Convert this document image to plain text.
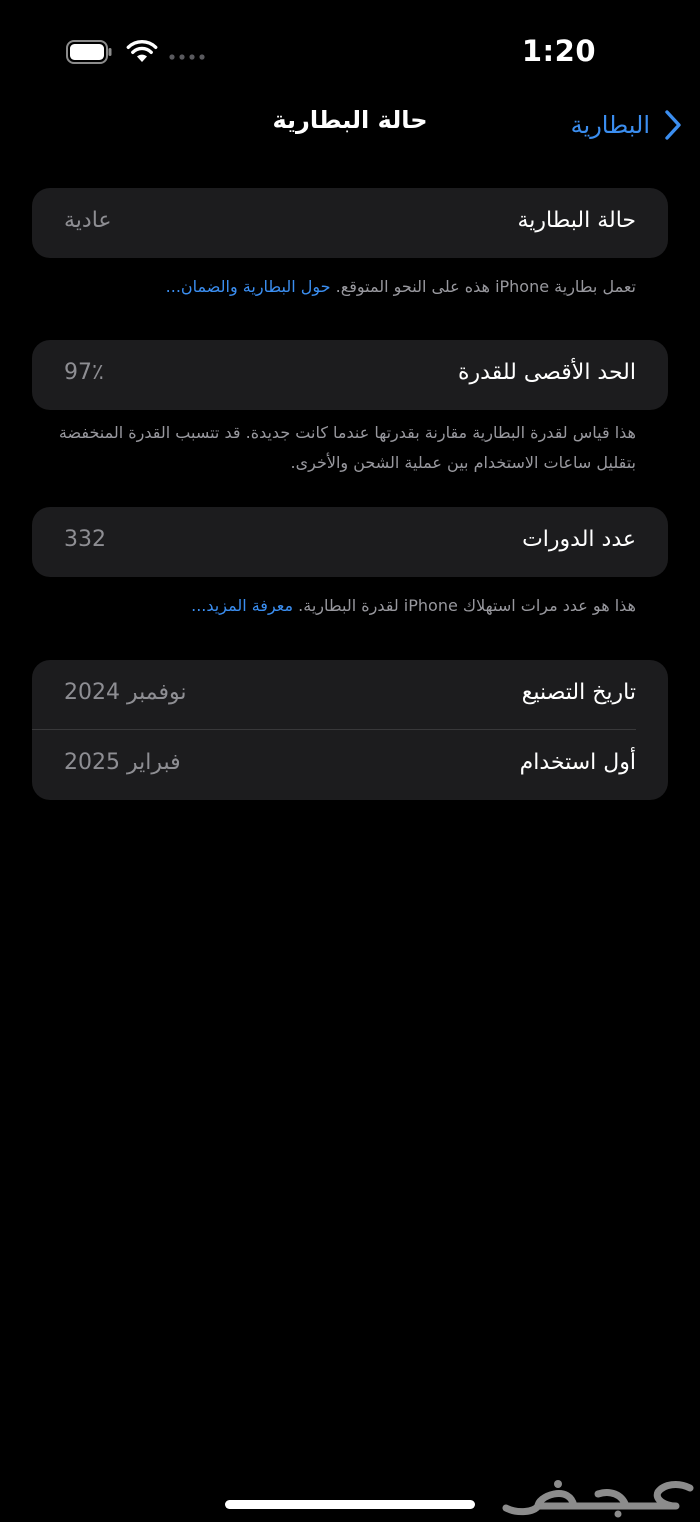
1:20
حالة البطارية	البطارية
حالة البطارية
عادية
تعمل بطارية iPhone هذه على النحو المتوقع. حول البطارية والضمان...
الحد الأقصى للقدرة
97٪
هذا قياس لقدرة البطارية مقارنة بقدرتها عندما كانت جديدة. قد تتسبب القدرة المنخفضة بتقليل ساعات الاستخدام بين عملية الشحن والأخرى.
عدد الدورات
332
هذا هو عدد مرات استهلاك iPhone لقدرة البطارية. معرفة المزيد...
تاريخ التصنيع
نوفمبر 2024
أول استخدام
فبراير 2025
